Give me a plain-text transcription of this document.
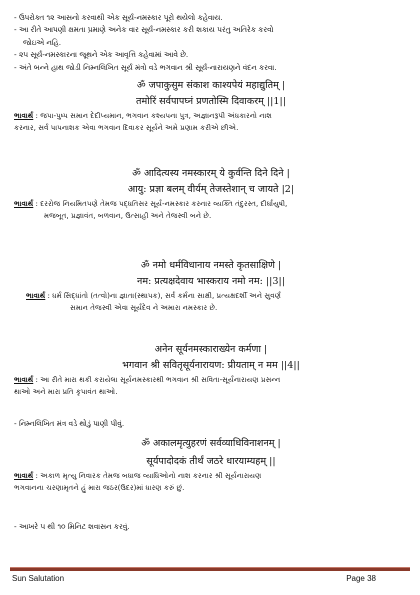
- ઉપરોક્ત ૧૨ આસનો કરવાથી એક સૂર્ય-નમસ્કાર પૂરો થયેલો કહેવાય.

- આ રીતે આપણી ક્ષમતા પ્રમાણે અનેક વાર સૂર્ય-નમસ્કાર કરી શકાય પરંતુ અતિરેક કરવો

જોઇએ નહિ.

- ૨૫ સૂર્ય-નમસ્કારના જૂથને એક આવૃત્તિ કહેવામાં આવે છે.

- અંતે બન્ને હાથ જોડી નિમ્નલિખિત સૂર્ય મંત્રો વડે ભગવાન શ્રી સૂર્ય-નારાયણને વંદન કરવા.

ॐ जपाकुसुम संकाश काश्यपेयं महाद्युतिम् |
तमोरिं सर्वपापघ्नं प्रणतोस्मि दिवाकरम् ||1||

ભાવાર્થ : જપા-પુષ્પ સમાન દેદીપ્યમાન, ભગવાન કશ્યપના પુત્ર, અજ્ઞાનરૂપી અંધકારનો નાશ

કરનાર, સર્વ પાપનાશક એવા ભગવાન દિવાકર સૂર્યને અમે પ્રણામ કરીએ છીએ.

ॐ आदित्यस्य नमस्कारम् ये कुर्वन्ति दिने दिने |
आयु: प्रज्ञा बलम् वीर्यम् तेजस्तेशान् च जायते |2|

ભાવાર્થ : દરરોજ નિયમિતપણે તેમજ પદ્ધતિસર સૂર્ય-નમસ્કાર કરનાર વ્યક્તિ તંદુરસ્ત, દીર્ઘાયુષી,

મજબૂત, પ્રજ્ઞાવંત, બળવાન, ઉત્સાહી અને તેજસ્વી બને છે.

ॐ नमो धर्मविधानाय नमस्ते कृतसाक्षिणे |
नम: प्रत्यक्षदेवाय भास्कराय नमो नम: ||3||

ભાવાર્થ : ધર્મ સિદ્ધાંતો (તત્વો)ના જ્ઞાતા(સ્થાપક), સર્વ કર્મના સાક્ષી, પ્રત્યક્ષદર્શી અને સુવર્ણ

સમાન તેજસ્વી એવા સૂર્યદેવ ને અમારા નમસ્કાર છે.

अनेन सूर्यनमस्काराख्येन कर्मणा |
भगवान श्री सवितृसूर्यनारायण: प्रीयताम् न मम ||4||

ભાવાર્થ : આ રીતે મારા થકી કરાયેલા સૂર્યનમસ્કારથી ભગવાન શ્રી સવિતા-સૂર્યનારાયણ પ્રસન્ન

થાઓ અને મારા પ્રતિ કૃપાવંત થાઓ.

- નિમ્નલિખિત મંત્ર વડે થોડું પાણી પીવું.

ॐ अकालमृत्युहरणं सर्वव्याधिविनाशनम् |
सूर्यपादोदकं तीर्थं जठरे धारयाम्यहम् ||

ભાવાર્થ : અકાળ મૃત્યુ નિવારક તેમજ બધાજ વ્યાધિઓનો નાશ કરનાર શ્રી સૂર્યનારાયણ

ભગવાનના ચરણામૃતને હું મારા જઠર(ઉદર)માં ધારણ કરું છું.

- આખરે ૫ થી ૧૦ મિનિટ શવાસન કરવું.

Sun Salutation	Page 38
